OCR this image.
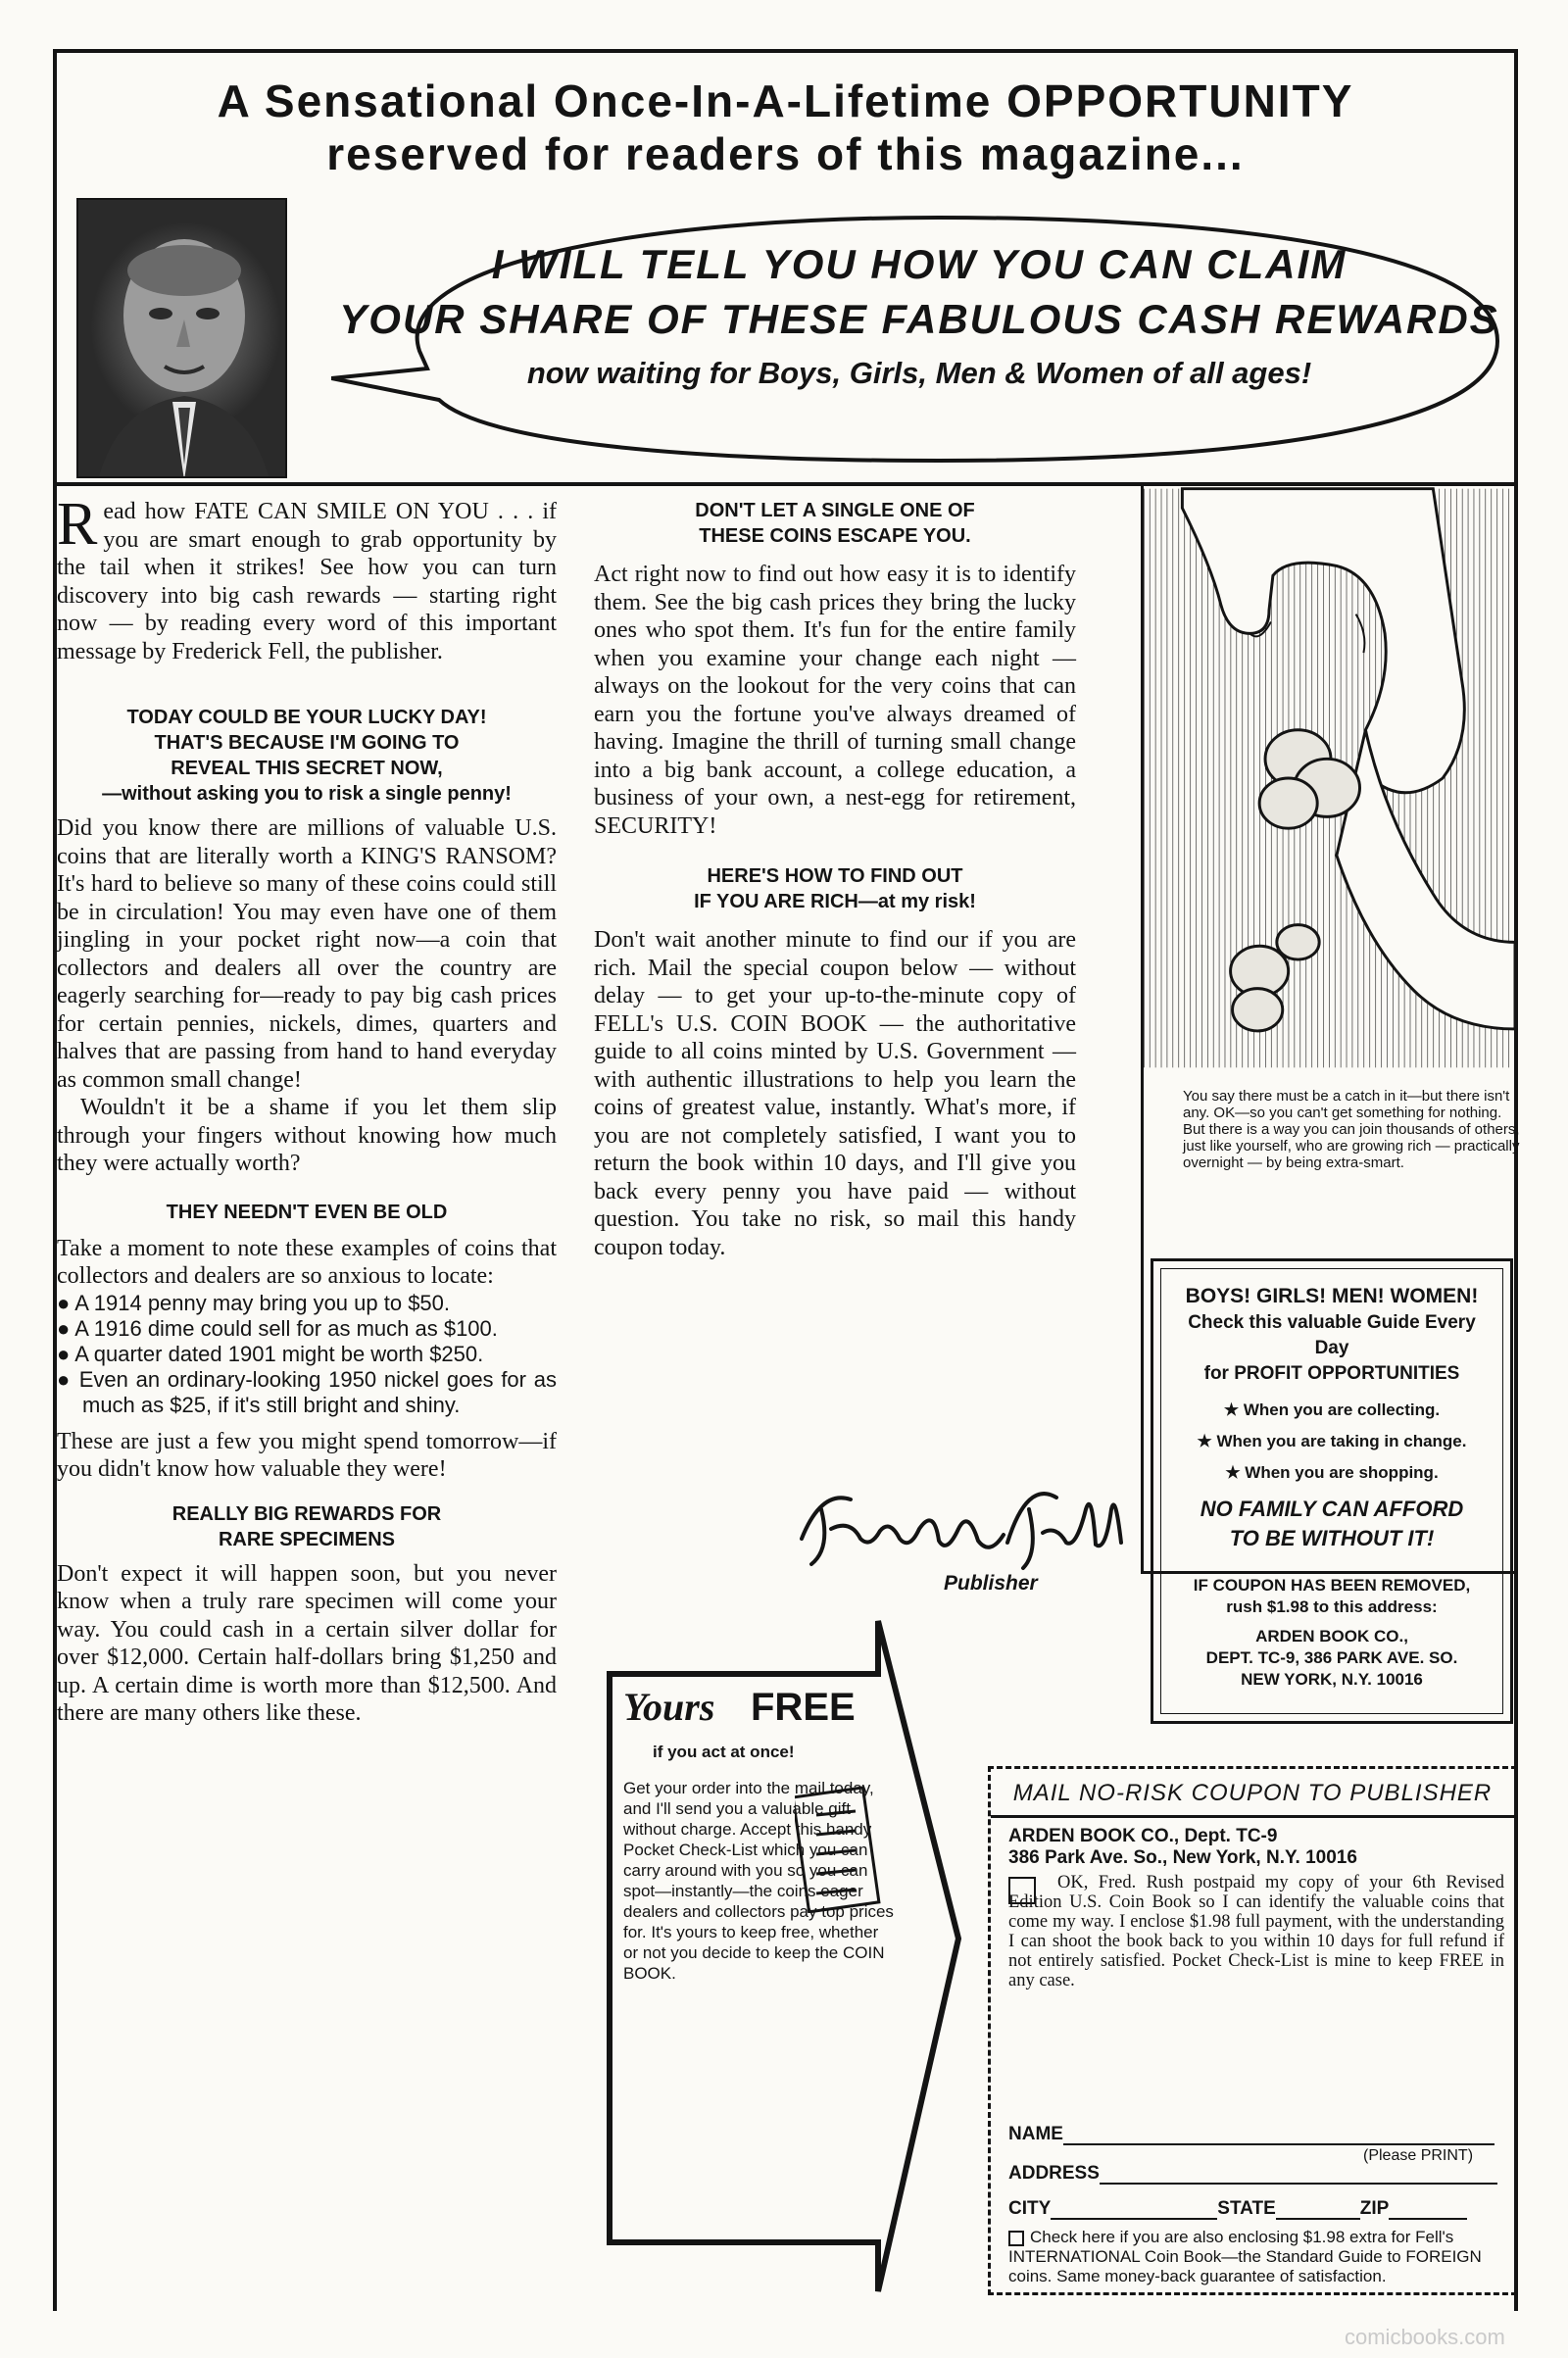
A Sensational Once-In-A-Lifetime OPPORTUNITY
reserved for readers of this magazine...
I WILL TELL YOU HOW YOU CAN CLAIM
YOUR SHARE OF THESE FABULOUS CASH REWARDS
now waiting for Boys, Girls, Men & Women of all ages!

Read how FATE CAN SMILE ON YOU . . . if you are smart enough to grab opportunity by the tail when it strikes! See how you can turn discovery into big cash rewards — starting right now — by reading every word of this important message by Frederick Fell, the publisher.

TODAY COULD BE YOUR LUCKY DAY!
THAT'S BECAUSE I'M GOING TO
REVEAL THIS SECRET NOW,
—without asking you to risk a single penny!

Did you know there are millions of valuable U.S. coins that are literally worth a KING'S RANSOM? It's hard to believe so many of these coins could still be in circulation! You may even have one of them jingling in your pocket right now—a coin that collectors and dealers all over the country are eagerly searching for—ready to pay big cash prices for certain pennies, nickels, dimes, quarters and halves that are passing from hand to hand everyday as common small change!

Wouldn't it be a shame if you let them slip through your fingers without knowing how much they were actually worth?

THEY NEEDN'T EVEN BE OLD

Take a moment to note these examples of coins that collectors and dealers are so anxious to locate:

● A 1914 penny may bring you up to $50.
● A 1916 dime could sell for as much as $100.
● A quarter dated 1901 might be worth $250.
● Even an ordinary-looking 1950 nickel goes for as much as $25, if it's still bright and shiny.

These are just a few you might spend tomorrow—if you didn't know how valuable they were!

REALLY BIG REWARDS FOR
RARE SPECIMENS

Don't expect it will happen soon, but you never know when a truly rare specimen will come your way. You could cash in a certain silver dollar for over $12,000. Certain half-dollars bring $1,250 and up. A certain dime is worth more than $12,500. And there are many others like these.

DON'T LET A SINGLE ONE OF
THESE COINS ESCAPE YOU.

Act right now to find out how easy it is to identify them. See the big cash prices they bring the lucky ones who spot them. It's fun for the entire family when you examine your change each night — always on the lookout for the very coins that can earn you the fortune you've always dreamed of having. Imagine the thrill of turning small change into a big bank account, a college education, a business of your own, a nest-egg for retirement, SECURITY!

HERE'S HOW TO FIND OUT
IF YOU ARE RICH—at my risk!

Don't wait another minute to find our if you are rich. Mail the special coupon below — without delay — to get your up-to-the-minute copy of FELL's U.S. COIN BOOK — the authoritative guide to all coins minted by U.S. Government — with authentic illustrations to help you learn the coins of greatest value, instantly. What's more, if you are not completely satisfied, I want you to return the book within 10 days, and I'll give you back every penny you have paid — without question. You take no risk, so mail this handy coupon today.

Publisher
You say there must be a catch in it—but there isn't any. OK—so you can't get something for nothing. But there is a way you can join thousands of others, just like yourself, who are growing rich — practically overnight — by being extra-smart.
BOYS! GIRLS! MEN! WOMEN!
Check this valuable Guide Every Day
for PROFIT OPPORTUNITIES
★ When you are collecting.
★ When you are taking in change.
★ When you are shopping.
NO FAMILY CAN AFFORD
TO BE WITHOUT IT!
IF COUPON HAS BEEN REMOVED,
rush $1.98 to this address:
ARDEN BOOK CO.,
DEPT. TC-9, 386 PARK AVE. SO.
NEW YORK, N.Y. 10016
Yours FREE
if you act at once!
Get your order into the mail today, and I'll send you a valuable gift without charge. Accept this handy Pocket Check-List which you can carry around with you so you can spot—instantly—the coins eager dealers and collectors pay top prices for. It's yours to keep free, whether or not you decide to keep the COIN BOOK.
MAIL NO-RISK COUPON TO PUBLISHER
ARDEN BOOK CO., Dept. TC-9
386 Park Ave. So., New York, N.Y. 10016
OK, Fred. Rush postpaid my copy of your 6th Revised Edition U.S. Coin Book so I can identify the valuable coins that come my way. I enclose $1.98 full payment, with the understanding I can shoot the book back to you within 10 days for full refund if not entirely satisfied. Pocket Check-List is mine to keep FREE in any case.
NAME
(Please PRINT)
ADDRESS
CITY	STATE	ZIP
Check here if you are also enclosing $1.98 extra for Fell's INTERNATIONAL Coin Book—the Standard Guide to FOREIGN coins. Same money-back guarantee of satisfaction.
comicbooks.com
